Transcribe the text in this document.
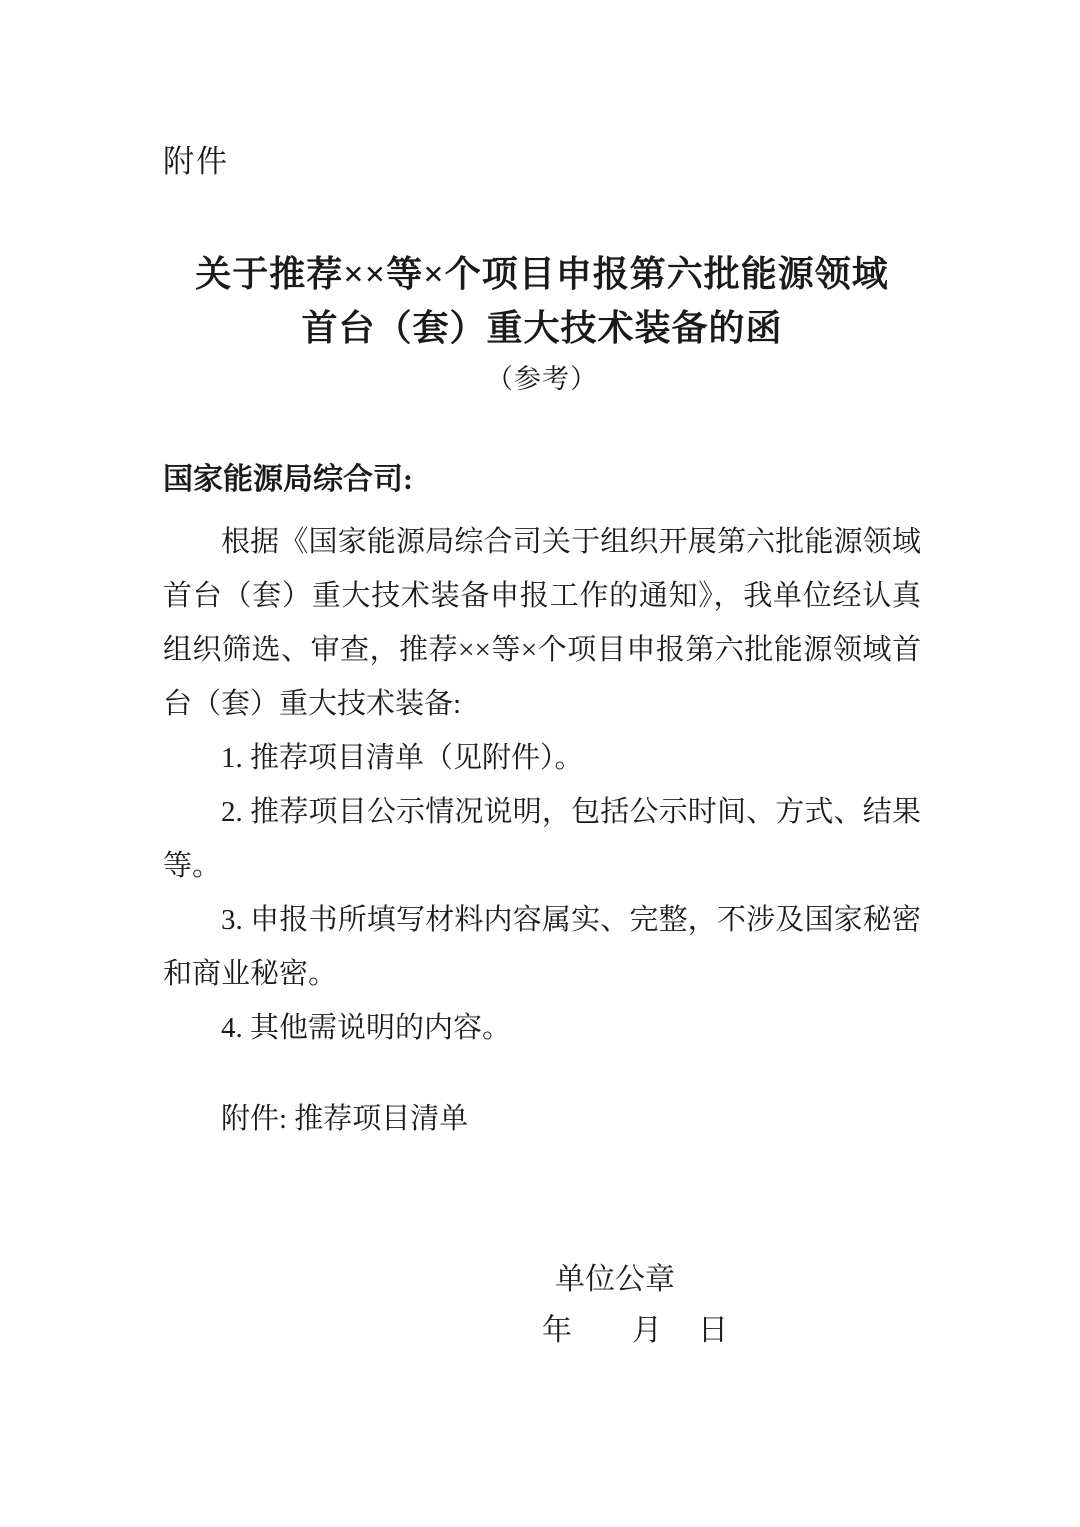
附件
关于推荐××等×个项目申报第六批能源领域
首台（套）重大技术装备的函
（参考）
国家能源局综合司:

根据《国家能源局综合司关于组织开展第六批能源领域首台（套）重大技术装备申报工作的通知》，我单位经认真组织筛选、审查，推荐××等×个项目申报第六批能源领域首台（套）重大技术装备:

1. 推荐项目清单（见附件）。

2. 推荐项目公示情况说明，包括公示时间、方式、结果等。

3. 申报书所填写材料内容属实、完整，不涉及国家秘密和商业秘密。

4. 其他需说明的内容。

附件: 推荐项目清单
单位公章
年 月 日
